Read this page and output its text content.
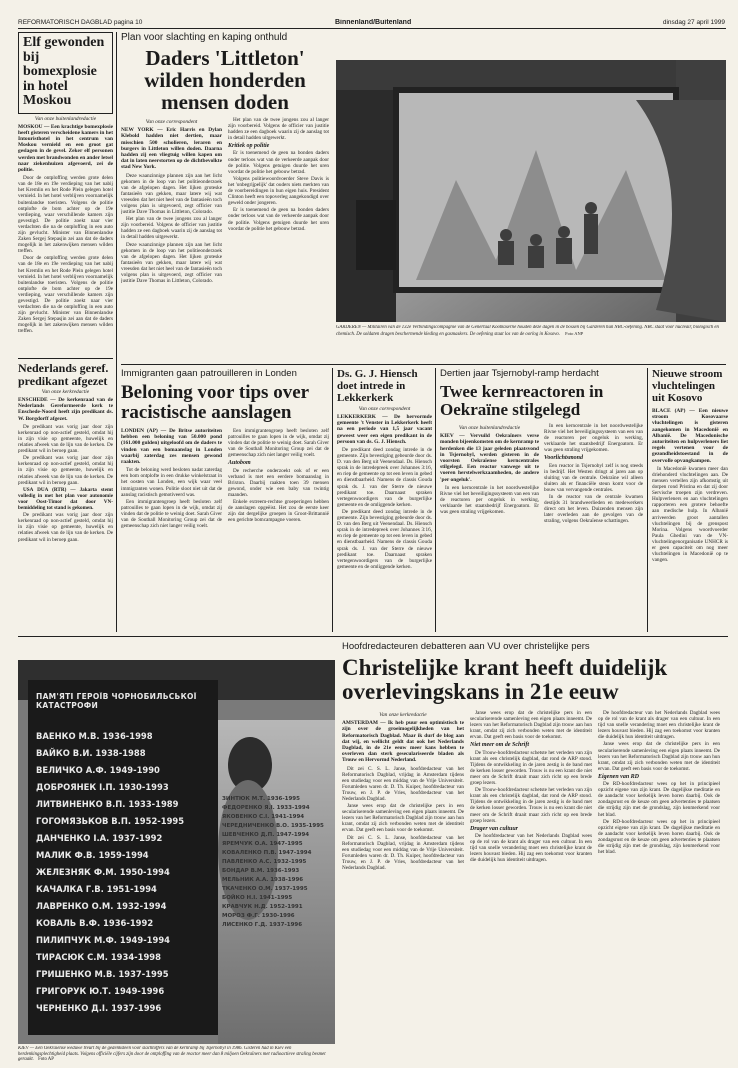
REFORMATORISCH DAGBLAD pagina 10	Binnenland/Buitenland	dinsdag 27 april 1999
Elf gewonden bij bomexplosie in hotel Moskou
Van onze buitenlandredactie
MOSKOU — Een krachtige bomexplosie heeft gisteren verscheidene kamers in het Intouristhotel in het centrum van Moskou vernield en een groot gat geslagen in de gevel. Zeker elf personen werden met brandwonden en ander letsel naar ziekenhuizen afgevoerd, zei de politie.

Door de ontploffing werden grote delen van de 18e en 19e verdieping van het nabij het Kremlin en het Rode Plein gelegen hotel vernield. In het hotel verblijven voornamelijk buitenlandse toeristen. Volgens de politie ontplofte de bom achter op de 19e verdieping, waar verschillende kamers zijn gevestigd. De politie zoekt naar vier verdachten die na de ontploffing in een auto zijn gevlucht. Minister van Binnenlandse Zaken Sergej Stepasjin zei aan dat de daders mogelijk in het zakenwijken mensen wilden treffen.

Door de ontploffing werden grote delen van de 18e en 19e verdieping van het nabij het Kremlin en het Rode Plein gelegen hotel vernield. In het hotel verblijven voornamelijk buitenlandse toeristen. Volgens de politie ontplofte de bom achter op de 19e verdieping, waar verschillende kamers zijn gevestigd. De politie zoekt naar vier verdachten die na de ontploffing in een auto zijn gevlucht. Minister van Binnenlandse Zaken Sergej Stepasjin zei aan dat de daders mogelijk in het zakenwijken mensen wilden treffen.

Nederlands geref. predikant afgezet
Van onze kerkredactie
ENSCHEDE — De kerkenraad van de Nederlands Gereformeerde kerk te Enschede-Noord heeft zijn predikant ds. W. Borgdorff afgezet.

De predikant was vorig jaar door zijn kerkenraad op non-actief gesteld, omdat hij in zijn visie op gemeente, huwelijk en relaties afweek van de lijn van de kerken. De predikant wil in beroep gaan.

De predikant was vorig jaar door zijn kerkenraad op non-actief gesteld, omdat hij in zijn visie op gemeente, huwelijk en relaties afweek van de lijn van de kerken. De predikant wil in beroep gaan.

USA DUA (RTR) — Jakarta stemt volledig in met het plan voor autonomie voor Oost-Timor dat door VN-bemiddeling tot stand is gekomen.

De predikant was vorig jaar door zijn kerkenraad op non-actief gesteld, omdat hij in zijn visie op gemeente, huwelijk en relaties afweek van de lijn van de kerken. De predikant wil in beroep gaan.

Plan voor slachting en kaping onthuld
Daders 'Littleton' wilden honderden mensen doden
Van onze correspondent
NEW YORK — Eric Harris en Dylan Klebold hadden niet dertien, maar misschien 500 scholieren, leraren en burgers in Littleton willen doden. Daarna hadden zij een vliegtuig willen kapen om dat in laten neerstorten op de dichtbevolkte stad New York.

Deze waanzinnige plannen zijn aan het licht gekomen in de loop van het politieonderzoek van de afgelopen dagen. Het lijken groteske fantasieën van gekken, maar latere wij wat vreesden dat het niet heel van de fantasieën toch volgens plan is uitgevoerd, zegt officier van justitie Dave Thomas in Littleton, Colorado.

Het plan van de twee jongens zou al langer zijn voorbereid. Volgens de officier van justitie hadden ze een dagboek waarin zij de aanslag tot in detail hadden uitgewerkt.

Deze waanzinnige plannen zijn aan het licht gekomen in de loop van het politieonderzoek van de afgelopen dagen. Het lijken groteske fantasieën van gekken, maar latere wij wat vreesden dat het niet heel van de fantasieën toch volgens plan is uitgevoerd, zegt officier van justitie Dave Thomas in Littleton, Colorado.

Het plan van de twee jongens zou al langer zijn voorbereid. Volgens de officier van justitie hadden ze een dagboek waarin zij de aanslag tot in detail hadden uitgewerkt.

Kritiek op politie

Er is toenemend de geen na bonden daders onder terloos wat van de verkeerde aanpak door de politie. Volgens getuigen duurde het uren voordat de politie het gebouw betrad.

Volgens politiewoordvoerder Steve Davis is het 'onbegrijpelijk' dat ouders niets merkten van de voorbereidingen in hun eigen huis. President Clinton heeft een topoverleg aangekondigd over geweld onder jongeren.

Er is toenemend de geen na bonden daders onder terloos wat van de verkeerde aanpak door de politie. Volgens getuigen duurde het uren voordat de politie het gebouw betrad.

GARDEREN — Militairen van de 132e Verbindingscompagnie van de Genertaal Kootkaserne houden deze dagen in de bossen bij Garderen hun NBC-oefening. NBC staat voor nucleair, biologisch en chemisch. De soldaten dragen beschermende kleding en gasmaskers. De oefening staat los van de oorlog in Kosovo. Foto ANP
Immigranten gaan patrouilleren in Londen
Beloning voor tips over racistische aanslagen
LONDEN (AP) — De Britse autoriteiten hebben een beloning van 50.000 pond (161.000 gulden) uitgeloofd om de daders te vinden van een bomaanslag in Londen waarbij zaterdag zes mensen gewond raakten.

Tot de beloning werd besloten nadat zaterdag een bom ontplofte in een drukke winkelstraat in het oosten van Londen, een wijk waar veel immigranten wonen. Politie sloot niet uit dat de aanslag racistisch gemotiveerd was.

Een immigrantengroep heeft besloten zelf patrouilles te gaan lopen in de wijk, omdat zij vinden dat de politie te weinig doet. Sarah Giver van de Southall Monitoring Group zei dat de gemeenschap zich niet langer veilig voelt.

Een immigrantengroep heeft besloten zelf patrouilles te gaan lopen in de wijk, omdat zij vinden dat de politie te weinig doet. Sarah Giver van de Southall Monitoring Group zei dat de gemeenschap zich niet langer veilig voelt.

Autobom

De recherche onderzoekt ook of er een verband is met een eerdere bomaanslag in Brixton. Daarbij raakten toen 39 mensen gewond, onder wie een baby van twintig maanden.

Enkele extreem-rechtse groeperingen hebben de aanslagen opgeëist. Het zou de eerste keer zijn dat dergelijke groepen in Groot-Brittannië een gerichte bomcampagne voeren.

Ds. G. J. Hiensch doet intrede in Lekkerkerk
Van onze correspondent
LEKKERKERK — De hervormde gemeente 't Venster in Lekkerkerk heeft na een periode van 1,5 jaar vacant geweest weer een eigen predikant in de persoon van ds. G. J. Hiensch.

De predikant deed zondag intrede in de gemeente. Zijn bevestiging gebeurde door ds. D. van den Berg uit Veenendaal. Ds. Hiensch sprak in de intredepreek over Johannes 3:16, en riep de gemeente op tot een leven in gebed en dienstbaarheid. Namens de classis Gouda sprak ds. J. van der Sterre de nieuwe predikant toe. Daarnaast spraken vertegenwoordigers van de burgerlijke gemeente en de omliggende kerken.

De predikant deed zondag intrede in de gemeente. Zijn bevestiging gebeurde door ds. D. van den Berg uit Veenendaal. Ds. Hiensch sprak in de intredepreek over Johannes 3:16, en riep de gemeente op tot een leven in gebed en dienstbaarheid. Namens de classis Gouda sprak ds. J. van der Sterre de nieuwe predikant toe. Daarnaast spraken vertegenwoordigers van de burgerlijke gemeente en de omliggende kerken.

Dertien jaar Tsjernobyl-ramp herdacht
Twee kernreactoren in Oekraïne stilgelegd
Van onze buitenlandredactie
KIEV — Vervuild Oekraïners verse monden bijeenkomsten om de kernramp te herdenken die 13 jaar geleden plaatsvond in Tsjernobyl, werden gisteren in de voorsten Oekraïense kerncentrales stilgelegd. Een reactor vanwege uit te voeren herstelwerkzaamheden, de andere 'per ongeluk'.

In een kerncentrale in het noordwestelijke Rivne viel het beveiligingssysteem van een van de reactoren per ongeluk in werking, verklaarde het staatsbedrijf Energoatom. Er was geen straling vrijgekomen.

In een kerncentrale in het noordwestelijke Rivne viel het beveiligingssysteem van een van de reactoren per ongeluk in werking, verklaarde het staatsbedrijf Energoatom. Er was geen straling vrijgekomen.

Voorlichtsmond

Een reactor in Tsjernobyl zelf is nog steeds in bedrijf. Het Westen dringt al jaren aan op sluiting van de centrale. Oekraïne wil alleen sluiten als er financiële steun komt voor de bouw van vervangende centrales.

In de reactor van de centrale kwamen destijds 31 brandweerlieden en medewerkers direct om het leven. Duizenden mensen zijn later overleden aan de gevolgen van de straling, volgens Oekraïense schattingen.

Nieuwe stroom vluchtelingen uit Kosovo
BLACE (AP) — Een nieuwe stroom Kosovaarse vluchtelingen is gisteren aangekomen in Macedonië en Albanië. De Macedonische autoriteiten en hulpverleners liet regels vertenen voor de gezondheidstoestand in de overvolle opvangkampen.

In Macedonië kwamen meer dan driehonderd vluchtelingen aan. De mensen vertellen zijn afkomstig uit dorpen rond Pristina en dat zij door Servische troepen zijn verdreven. Hulpverleners en aan vluchtelingen rapporteren een grotere behoefte aan medische hulp. In Albanië arriveerden groot aantallen vluchtelingen bij de grenspost Morina. Volgens woordvoerder Paula Ghedini van de VN-vluchtelingenorganisatie UNHCR is er geen capaciteit om nog meer vluchtelingen in Macedonië op te vangen.

ПАМ'ЯТІ ГЕРОЇВ ЧОРНОБИЛЬСЬКОЇ КАТАСТРОФИ
ВАЕНКО М.В. 1936-1998
ВАЙКО В.И. 1938-1988
ВЕЛИЧКО А.Ф. 1949-1990
ДОБРОЯНЕК І.П. 1930-1993
ЛИТВИНЕНКО В.П. 1933-1989
ГОГОМЯЗЬКОВ В.П. 1952-1995
ДАНЧЕНКО І.А. 1937-1992
МАЛИК Ф.В. 1959-1994
ЖЕЛЕЗНЯК Ф.М. 1950-1994
КАЧАЛКА Г.В. 1951-1994
ЛАВРЕНКО О.М. 1932-1994
КОВАЛЬ В.Ф. 1936-1992
ПИЛИПЧУК М.Ф. 1949-1994
ТИРАСЮК С.М. 1934-1998
ГРИШЕНКО М.В. 1937-1995
ГРИГОРУК Ю.Т. 1949-1996
ЧЕРНЕНКО Д.І. 1937-1996
ЗИНТЮК М.Т. 1936-1995
ФЕДОРЕНКО Я.І. 1933-1994
ЯКОВЕНКО С.І. 1941-1994
ЧЕРЕДНИЧЕНКО В.О. 1935-1995
ШЕВЧЕНКО Д.П. 1947-1994
ЯРЕМЧУК О.А. 1947-1995
КОВАЛЕНКО П.В. 1947-1994
ПАВЛЕНКО А.С. 1932-1995
БОНДАР В.М. 1936-1993
МЕЛЬНИК А.А. 1938-1996
ТКАЧЕНКО О.М. 1937-1995
БОЙКО Н.І. 1941-1995
КРАВЧУК Н.Д. 1952-1991
МОРОЗ Ф.Г. 1930-1996
ЛИСЕНКО Г.Д. 1937-1996
KIEV — Een Oekraïense weduwe treurt bij de gedenksteen voor slachtoffers van de kernramp bij Tsjernobyl in 1986. Gisteren had in Kiev een herdenkingsplechtigheid plaats. Volgens officiële cijfers zijn door de ontploffing van de reactor meer dan 8 miljoen Oekraïners met radioactieve straling besmet geraakt. Foto AP
Hoofdredacteuren debatteren aan VU over christelijke pers
Christelijke krant heeft duidelijk overlevingskans in 21e eeuw
Van onze kerkredactie
AMSTERDAM — Ik heb puur een optimistisch te zijn over de groeimogelijkheden van het Reformatorisch Dagblad. Maar ik durf de blog aan dat wij, en wellicht geldt dat ook het Nederlands Dagblad, in de 21e eeuw meer kans hebben te overleven dan sterk geseculariseerde bladen als Trouw en Hervormd Nederland.

Dit zei C. S. L. Janse, hoofdredacteur van het Reformatorisch Dagblad, vrijdag in Amsterdam tijdens een studiedag voor een middag van de Vrije Universiteit. Forumleden waren dr. D. Th. Kuiper, hoofdredacteur van Trouw, en J. P. de Vries, hoofdredacteur van het Nederlands Dagblad.

Janse wees erop dat de christelijke pers in een seculariserende samenleving een eigen plaats inneemt. De lezers van het Reformatorisch Dagblad zijn trouw aan hun krant, omdat zij zich verbonden weten met de identiteit ervan. Dat geeft een basis voor de toekomst.

Dit zei C. S. L. Janse, hoofdredacteur van het Reformatorisch Dagblad, vrijdag in Amsterdam tijdens een studiedag voor een middag van de Vrije Universiteit. Forumleden waren dr. D. Th. Kuiper, hoofdredacteur van Trouw, en J. P. de Vries, hoofdredacteur van het Nederlands Dagblad.

Janse wees erop dat de christelijke pers in een seculariserende samenleving een eigen plaats inneemt. De lezers van het Reformatorisch Dagblad zijn trouw aan hun krant, omdat zij zich verbonden weten met de identiteit ervan. Dat geeft een basis voor de toekomst.

Niet meer om de Schrift

De Trouw-hoofdredacteur schetste het verleden van zijn krant als een christelijk dagblad, dat rond de ARP stond. Tijdens de ontwikkeling in de jaren zestig is de band met de kerken losser geworden. Trouw is nu een krant die niet meer om de Schrift draait maar zich richt op een brede groep lezers.

De Trouw-hoofdredacteur schetste het verleden van zijn krant als een christelijk dagblad, dat rond de ARP stond. Tijdens de ontwikkeling in de jaren zestig is de band met de kerken losser geworden. Trouw is nu een krant die niet meer om de Schrift draait maar zich richt op een brede groep lezers.

Drager van cultuur

De hoofdredacteur van het Nederlands Dagblad wees op de rol van de krant als drager van een cultuur. In een tijd van snelle verandering moet een christelijke krant de lezers houvast bieden. Hij zag een toekomst voor kranten die duidelijk hun identiteit uitdragen.

De hoofdredacteur van het Nederlands Dagblad wees op de rol van de krant als drager van een cultuur. In een tijd van snelle verandering moet een christelijke krant de lezers houvast bieden. Hij zag een toekomst voor kranten die duidelijk hun identiteit uitdragen.

Janse wees erop dat de christelijke pers in een seculariserende samenleving een eigen plaats inneemt. De lezers van het Reformatorisch Dagblad zijn trouw aan hun krant, omdat zij zich verbonden weten met de identiteit ervan. Dat geeft een basis voor de toekomst.

Eigenen van RD

De RD-hoofdredacteur wees op het in principieel opzicht eigene van zijn krant. De dagelijkse meditatie en de aandacht voor kerkelijk leven horen daarbij. Ook de zondagsrust en de keuze om geen advertenties te plaatsen die strijdig zijn met de grondslag, zijn kenmerkend voor het blad.

De RD-hoofdredacteur wees op het in principieel opzicht eigene van zijn krant. De dagelijkse meditatie en de aandacht voor kerkelijk leven horen daarbij. Ook de zondagsrust en de keuze om geen advertenties te plaatsen die strijdig zijn met de grondslag, zijn kenmerkend voor het blad.
